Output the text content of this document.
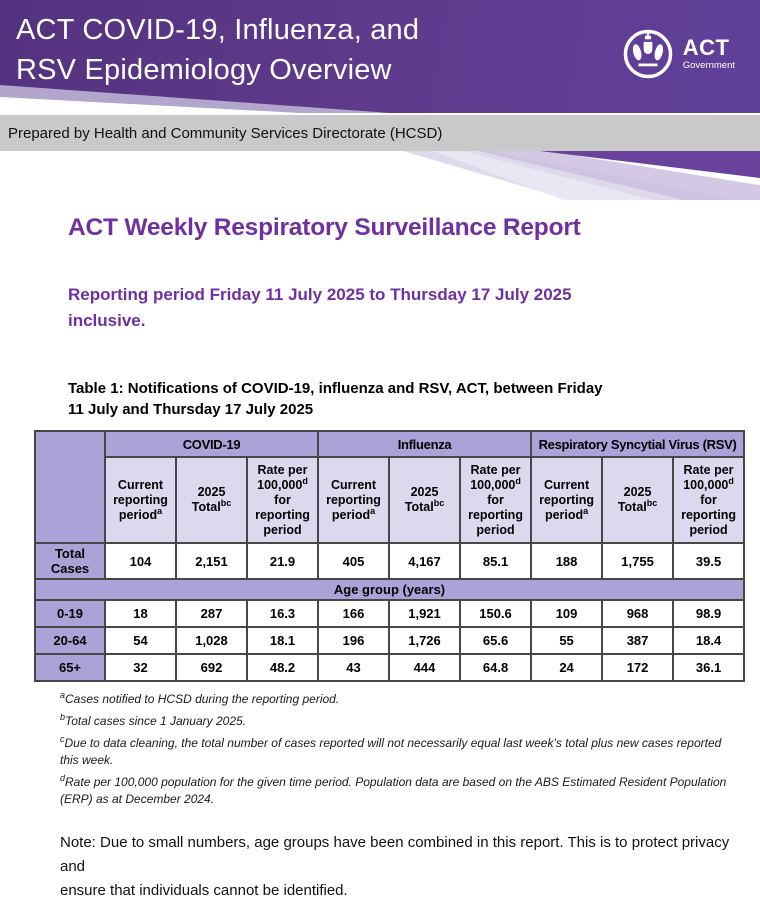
ACT COVID-19, Influenza, and
RSV Epidemiology Overview
ACT
Government
Prepared by Health and Community Services Directorate (HCSD)
ACT Weekly Respiratory Surveillance Report
Reporting period Friday 11 July 2025 to Thursday 17 July 2025
inclusive.
Table 1: Notifications of COVID-19, influenza and RSV, ACT, between Friday
11 July and Thursday 17 July 2025
	COVID-19			Influenza			Respiratory Syncytial Virus (RSV)		
	Current reporting period$^a$	2025 Total$^{bc}$	Rate per 100,000$^d$ for reporting period	Current reporting period$^a$	2025 Total$^{bc}$	Rate per 100,000$^d$ for reporting period	Current reporting period$^a$	2025 Total$^{bc}$	Rate per 100,000$^d$ for reporting period
Total Cases	104	2,151	21.9	405	4,167	85.1	188	1,755	39.5
Age group (years)									
0-19	18	287	16.3	166	1,921	150.6	109	968	98.9
20-64	54	1,028	18.1	196	1,726	65.6	55	387	18.4
65+	32	692	48.2	43	444	64.8	24	172	36.1
$^a$Cases notified to HCSD during the reporting period.
$^b$Total cases since 1 January 2025.
$^c$Due to data cleaning, the total number of cases reported will not necessarily equal last week’s total plus new cases reported this week.
$^d$Rate per 100,000 population for the given time period. Population data are based on the ABS Estimated Resident Population (ERP) as at December 2024.
Note: Due to small numbers, age groups have been combined in this report. This is to protect privacy and
ensure that individuals cannot be identified.
